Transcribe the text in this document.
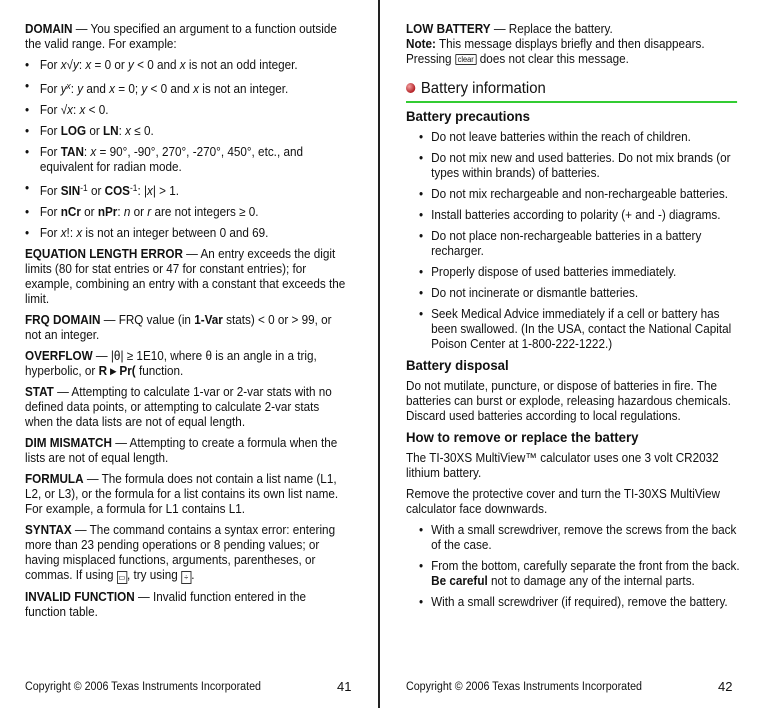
DOMAIN — You specified an argument to a function outside the valid range. For example:

• For x√y: x = 0 or y < 0 and x is not an odd integer.
• For $y^x$: y and x = 0; y < 0 and x is not an integer.
• For √x: x < 0.
• For LOG or LN: x ≤ 0.
• For TAN: x = 90°, -90°, 270°, -270°, 450°, etc., and equivalent for radian mode.
• For $SIN^{-1}$ or $COS^{-1}$: |x| > 1.
• For nCr or nPr: n or r are not integers ≥ 0.
• For x!: x is not an integer between 0 and 69.

EQUATION LENGTH ERROR — An entry exceeds the digit limits (80 for stat entries or 47 for constant entries); for example, combining an entry with a constant that exceeds the limit.

FRQ DOMAIN — FRQ value (in 1-Var stats) < 0 or > 99, or not an integer.

OVERFLOW — |θ| ≥ 1E10, where θ is an angle in a trig, hyperbolic, or R ▸ Pr( function.

STAT — Attempting to calculate 1-var or 2-var stats with no defined data points, or attempting to calculate 2-var stats when the data lists are not of equal length.

DIM MISMATCH — Attempting to create a formula when the lists are not of equal length.

FORMULA — The formula does not contain a list name (L1, L2, or L3), or the formula for a list contains its own list name. For example, a formula for L1 contains L1.

SYNTAX — The command contains a syntax error: entering more than 23 pending operations or 8 pending values; or having misplaced functions, arguments, parentheses, or commas. If using ▭ , try using ÷ .

INVALID FUNCTION — Invalid function entered in the function table.

Copyright © 2006 Texas Instruments Incorporated	41

LOW BATTERY — Replace the battery.

Note: This message displays briefly and then disappears.
Pressing clear does not clear this message.

Battery information
Battery precautions
• Do not leave batteries within the reach of children.
• Do not mix new and used batteries. Do not mix brands (or types within brands) of batteries.
• Do not mix rechargeable and non-rechargeable batteries.
• Install batteries according to polarity (+ and -) diagrams.
• Do not place non-rechargeable batteries in a battery recharger.
• Properly dispose of used batteries immediately.
• Do not incinerate or dismantle batteries.
• Seek Medical Advice immediately if a cell or battery has been swallowed. (In the USA, contact the National Capital Poison Center at 1-800-222-1222.)
Battery disposal

Do not mutilate, puncture, or dispose of batteries in fire. The batteries can burst or explode, releasing hazardous chemicals. Discard used batteries according to local regulations.

How to remove or replace the battery

The TI-30XS MultiView™ calculator uses one 3 volt CR2032 lithium battery.

Remove the protective cover and turn the TI-30XS MultiView calculator face downwards.

• With a small screwdriver, remove the screws from the back of the case.
• From the bottom, carefully separate the front from the back. Be careful not to damage any of the internal parts.
• With a small screwdriver (if required), remove the battery.
Copyright © 2006 Texas Instruments Incorporated	42
